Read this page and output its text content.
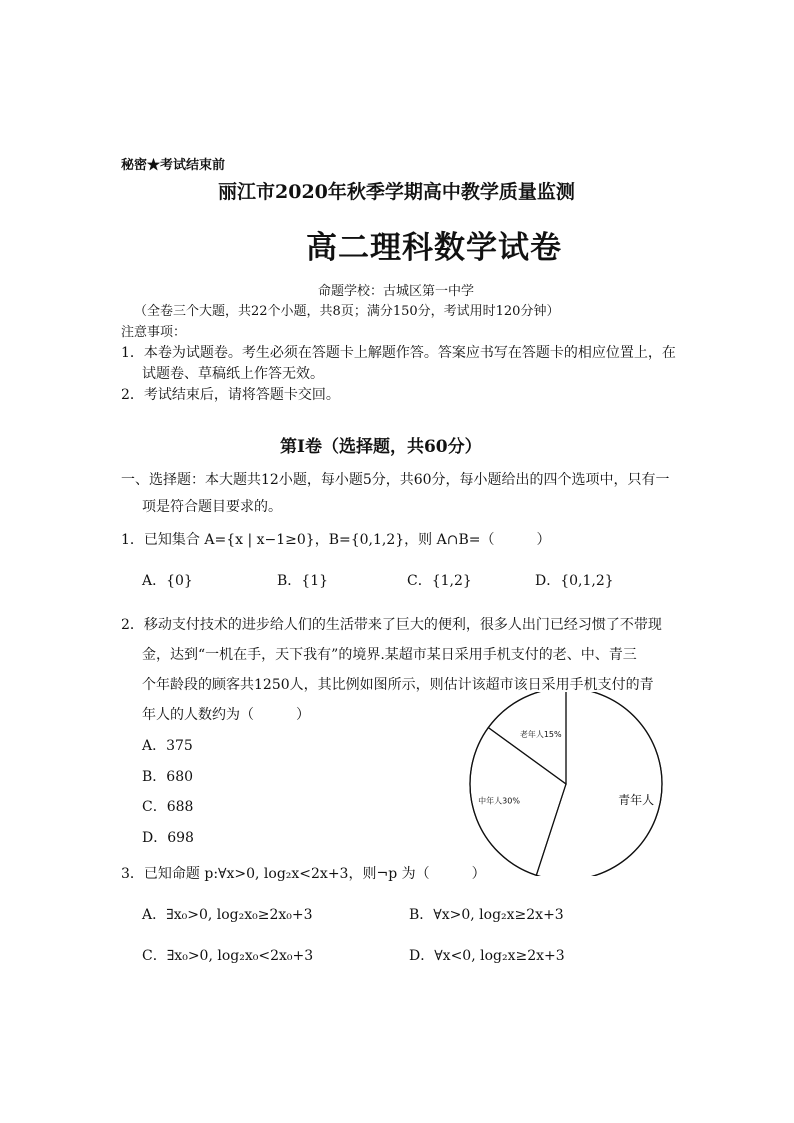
秘密★考试结束前
丽江市2020年秋季学期高中教学质量监测
高二理科数学试卷
命题学校：古城区第一中学
（全卷三个大题，共22个小题，共8页；满分150分，考试用时120分钟）
注意事项：
1．本卷为试题卷。考生必须在答题卡上解题作答。答案应书写在答题卡的相应位置上，在
试题卷、草稿纸上作答无效。
2．考试结束后，请将答题卡交回。
第Ⅰ卷（选择题，共60分）
一、选择题：本大题共12小题，每小题5分，共60分，每小题给出的四个选项中，只有一
项是符合题目要求的。
1．已知集合 A={x | x−1≥0}，B={0,1,2}，则 A∩B=（　　　）
A．{0}	B．{1}	C．{1,2}	D．{0,1,2}
2．移动支付技术的进步给人们的生活带来了巨大的便利，很多人出门已经习惯了不带现
金，达到“一机在手，天下我有”的境界.某超市某日采用手机支付的老、中、青三
个年龄段的顾客共1250人，其比例如图所示，则估计该超市该日采用手机支付的青
年人的人数约为（　　　）
A．375
B．680
C．688
D．698
老年人15%
中年人30%	青年人
3．已知命题 p:∀x>0, log₂x<2x+3，则¬p 为（　　　）
A．∃x₀>0, log₂x₀≥2x₀+3	B．∀x>0, log₂x≥2x+3
C．∃x₀>0, log₂x₀<2x₀+3	D．∀x<0, log₂x≥2x+3
